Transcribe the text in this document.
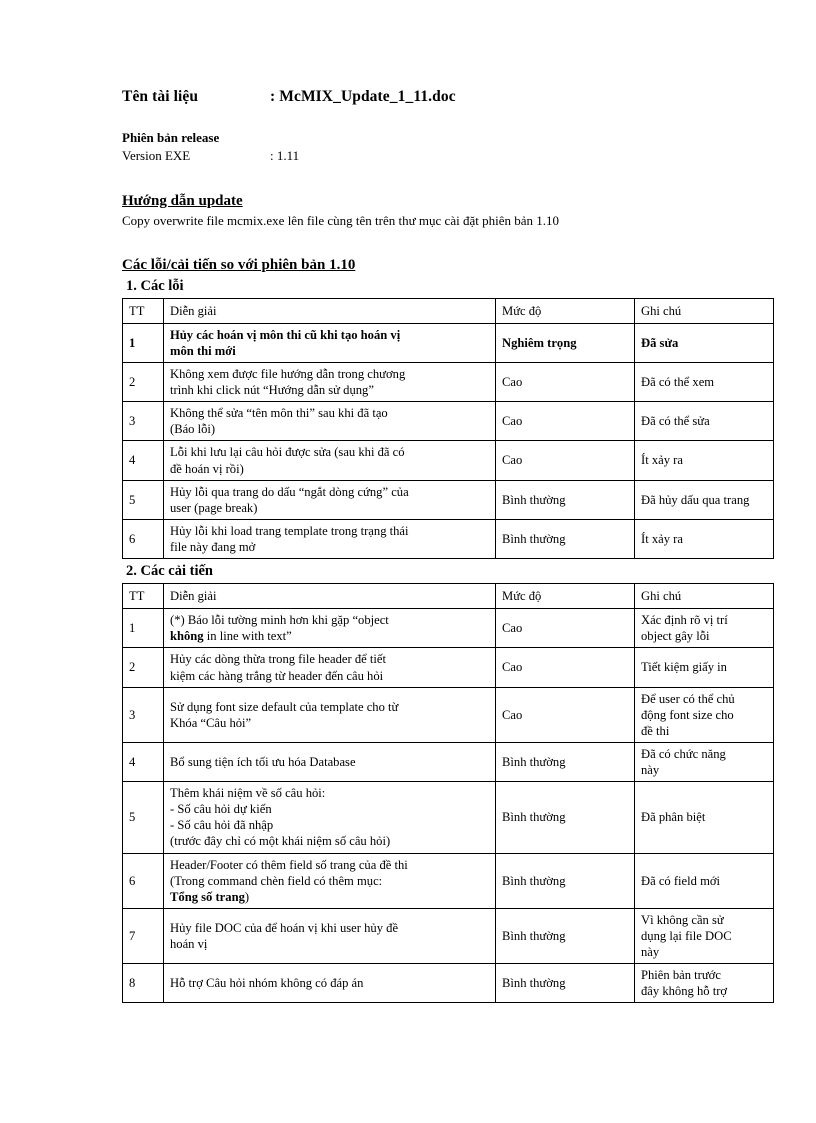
Tên tài liệu	: McMIX_Update_1_11.doc
Phiên bản release
Version EXE	: 1.11
Hướng dẫn update
Copy overwrite file mcmix.exe lên file cùng tên trên thư mục cài đặt phiên bản 1.10
Các lỗi/cải tiến so với phiên bản 1.10
1. Các lỗi
TT	Diễn giải	Mức độ	Ghi chú
1	Hủy các hoán vị môn thi cũ khi tạo hoán vị
môn thi mới	Nghiêm trọng	Đã sửa
2	Không xem được file hướng dẫn trong chương
trình khi click nút “Hướng dẫn sử dụng”	Cao	Đã có thể xem
3	Không thể sửa “tên môn thi” sau khi đã tạo
(Báo lỗi)	Cao	Đã có thể sửa
4	Lỗi khi lưu lại câu hỏi được sửa (sau khi đã có
đề hoán vị rồi)	Cao	Ít xảy ra
5	Hủy lỗi qua trang do dấu “ngắt dòng cứng” của
user (page break)	Bình thường	Đã hủy dấu qua trang
6	Hủy lỗi khi load trang template trong trạng thái
file này đang mở	Bình thường	Ít xảy ra
2. Các cải tiến
TT	Diễn giải	Mức độ	Ghi chú
1	(*) Báo lỗi tường minh hơn khi gặp “object
không in line with text”	Cao	Xác định rõ vị trí
object gây lỗi

2	Hủy các dòng thừa trong file header để tiết
kiệm các hàng trắng từ header đến câu hỏi	Cao	Tiết kiệm giấy in

3	Sử dụng font size default của template cho từ
Khóa “Câu hỏi”	Cao	Để user có thể chủ
động font size cho
đề thi

4	Bổ sung tiện ích tối ưu hóa Database	Bình thường	Đã có chức năng
này

5	Thêm khái niệm về số câu hỏi:
- Số câu hỏi dự kiến
- Số câu hỏi đã nhập
(trước đây chỉ có một khái niệm số câu hỏi)	Bình thường	Đã phân biệt

6	Header/Footer có thêm field số trang của đề thi
(Trong command chèn field có thêm mục:
Tổng số trang)	Bình thường	Đã có field mới

7	Hủy file DOC của để hoán vị khi user hủy đề
hoán vị	Bình thường	Vì không cần sử
dụng lại file DOC
này

8	Hỗ trợ Câu hỏi nhóm không có đáp án	Bình thường	Phiên bản trước
đây không hỗ trợ
